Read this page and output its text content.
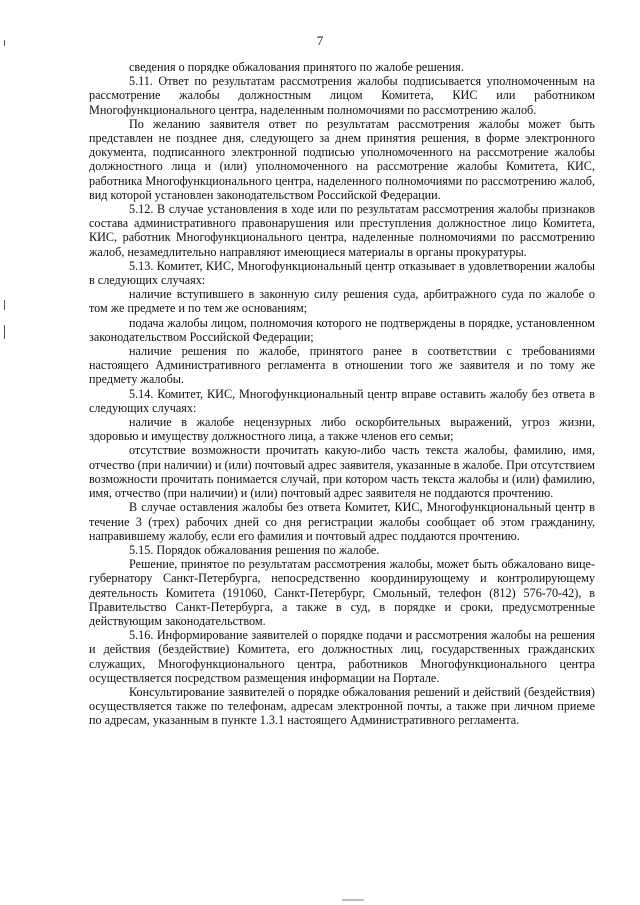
7

сведения о порядке обжалования принятого по жалобе решения.

5.11. Ответ по результатам рассмотрения жалобы подписывается уполномоченным на рассмотрение жалобы должностным лицом Комитета, КИС или работником Многофункционального центра, наделенным полномочиями по рассмотрению жалоб.

По желанию заявителя ответ по результатам рассмотрения жалобы может быть представлен не позднее дня, следующего за днем принятия решения, в форме электронного документа, подписанного электронной подписью уполномоченного на рассмотрение жалобы должностного лица и (или) уполномоченного на рассмотрение жалобы Комитета, КИС, работника Многофункционального центра, наделенного полномочиями по рассмотрению жалоб, вид которой установлен законодательством Российской Федерации.

5.12. В случае установления в ходе или по результатам рассмотрения жалобы признаков состава административного правонарушения или преступления должностное лицо Комитета, КИС, работник Многофункционального центра, наделенные полномочиями по рассмотрению жалоб, незамедлительно направляют имеющиеся материалы в органы прокуратуры.

5.13. Комитет, КИС, Многофункциональный центр отказывает в удовлетворении жалобы в следующих случаях:

наличие вступившего в законную силу решения суда, арбитражного суда по жалобе о том же предмете и по тем же основаниям;

подача жалобы лицом, полномочия которого не подтверждены в порядке, установленном законодательством Российской Федерации;

наличие решения по жалобе, принятого ранее в соответствии с требованиями настоящего Административного регламента в отношении того же заявителя и по тому же предмету жалобы.

5.14. Комитет, КИС, Многофункциональный центр вправе оставить жалобу без ответа в следующих случаях:

наличие в жалобе нецензурных либо оскорбительных выражений, угроз жизни, здоровью и имуществу должностного лица, а также членов его семьи;

отсутствие возможности прочитать какую-либо часть текста жалобы, фамилию, имя, отчество (при наличии) и (или) почтовый адрес заявителя, указанные в жалобе. При отсутствием возможности прочитать понимается случай, при котором часть текста жалобы и (или) фамилию, имя, отчество (при наличии) и (или) почтовый адрес заявителя не поддаются прочтению.

В случае оставления жалобы без ответа Комитет, КИС, Многофункциональный центр в течение 3 (трех) рабочих дней со дня регистрации жалобы сообщает об этом гражданину, направившему жалобу, если его фамилия и почтовый адрес поддаются прочтению.

5.15. Порядок обжалования решения по жалобе.

Решение, принятое по результатам рассмотрения жалобы, может быть обжаловано вице-губернатору Санкт-Петербурга, непосредственно координирующему и контролирующему деятельность Комитета (191060, Санкт-Петербург, Смольный, телефон (812) 576-70-42), в Правительство Санкт-Петербурга, а также в суд, в порядке и сроки, предусмотренные действующим законодательством.

5.16. Информирование заявителей о порядке подачи и рассмотрения жалобы на решения и действия (бездействие) Комитета, его должностных лиц, государственных гражданских служащих, Многофункционального центра, работников Многофункционального центра осуществляется посредством размещения информации на Портале.

Консультирование заявителей о порядке обжалования решений и действий (бездействия) осуществляется также по телефонам, адресам электронной почты, а также при личном приеме по адресам, указанным в пункте 1.3.1 настоящего Административного регламента.
